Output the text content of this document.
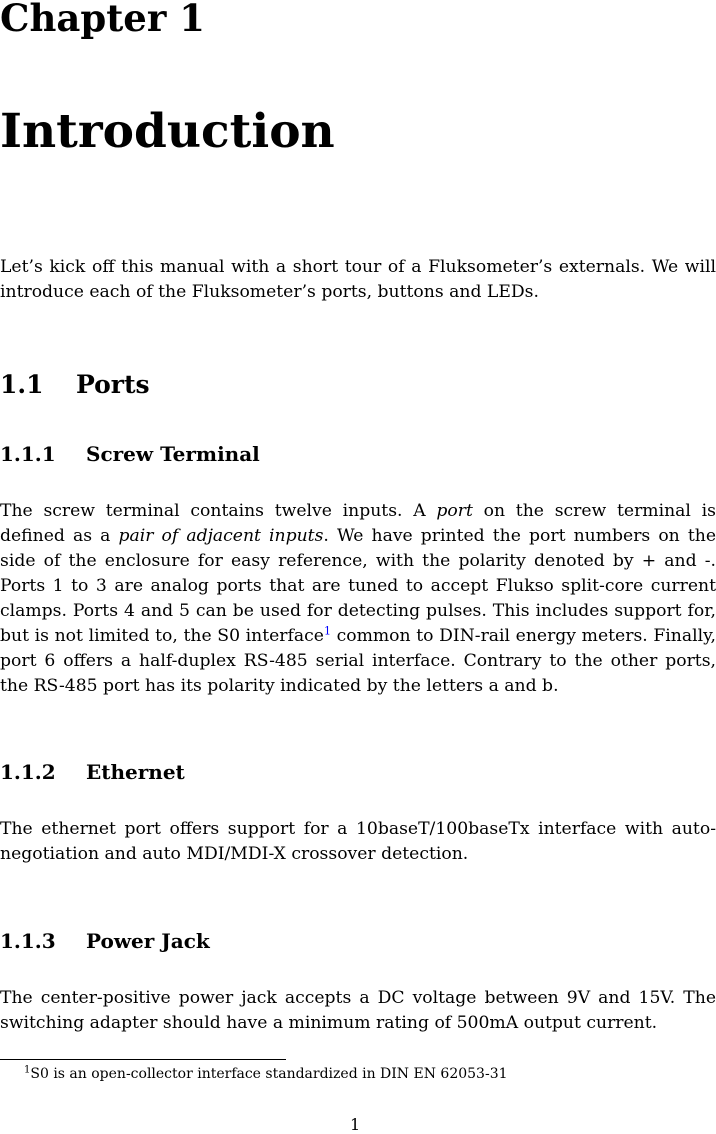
Chapter 1
Introduction

Let’s kick off this manual with a short tour of a Fluksometer’s externals. We will introduce each of the Fluksometer’s ports, buttons and LEDs.

1.1 Ports
1.1.1 Screw Terminal

The screw terminal contains twelve inputs. A port on the screw terminal is defined as a pair of adjacent inputs. We have printed the port numbers on the side of the enclosure for easy reference, with the polarity denoted by + and -. Ports 1 to 3 are analog ports that are tuned to accept Flukso split-core current clamps. Ports 4 and 5 can be used for detecting pulses. This includes support for, but is not limited to, the S0 interface$^1$ common to DIN-rail energy meters. Finally, port 6 offers a half-duplex RS-485 serial interface. Contrary to the other ports, the RS-485 port has its polarity indicated by the letters a and b.

1.1.2 Ethernet

The ethernet port offers support for a 10baseT/100baseTx interface with auto-negotiation and auto MDI/MDI-X crossover detection.

1.1.3 Power Jack

The center-positive power jack accepts a DC voltage between 9V and 15V. The switching adapter should have a minimum rating of 500mA output current.

$^1$S0 is an open-collector interface standardized in DIN EN 62053-31
1
